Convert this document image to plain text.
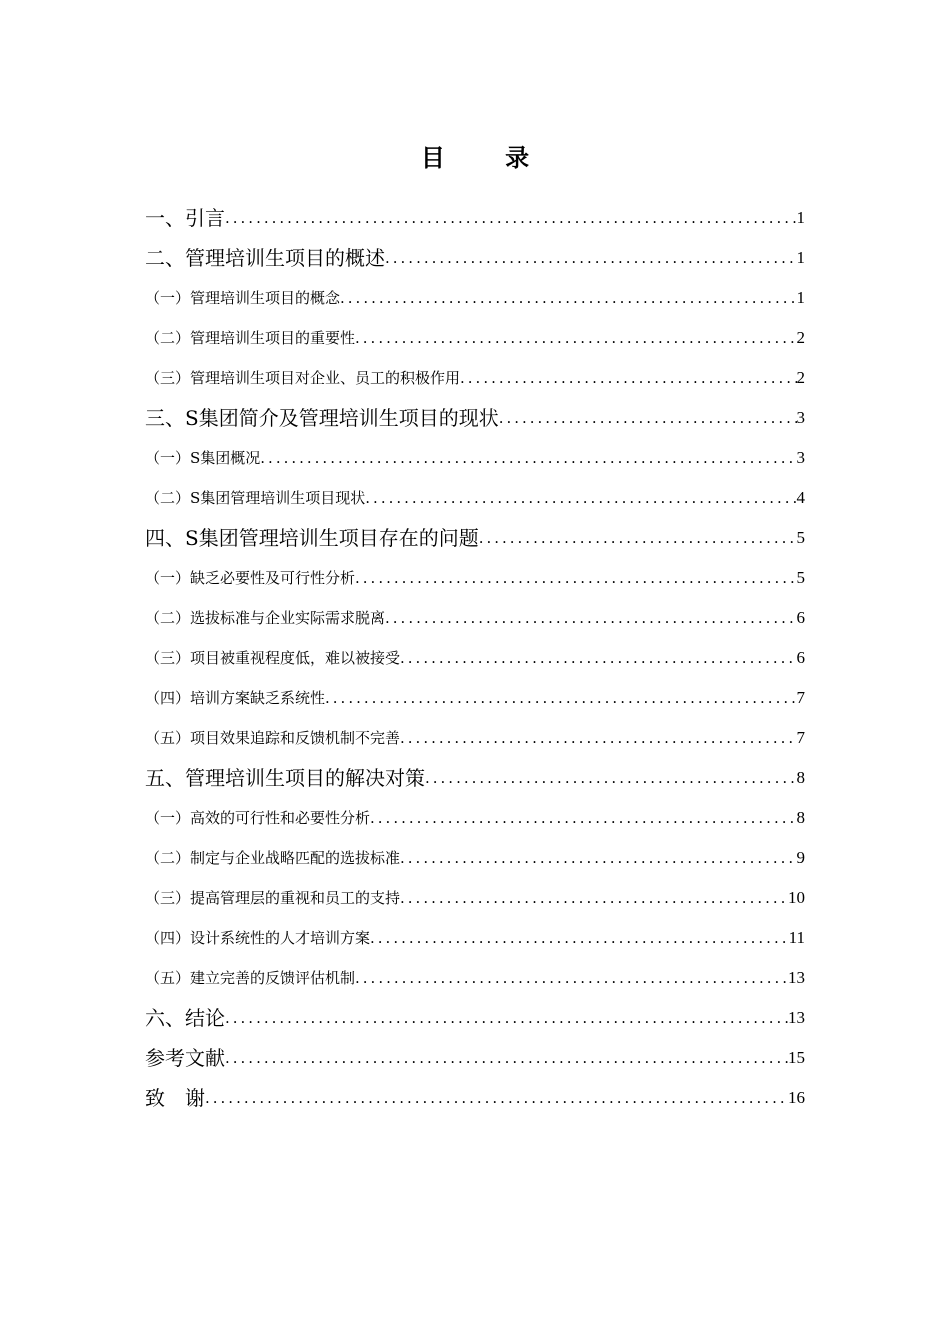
目 录
一、引言 .....	1
二、管理培训生项目的概述 .....	1
（一）管理培训生项目的概念 .....	1
（二）管理培训生项目的重要性 .....	2
（三）管理培训生项目对企业、员工的积极作用 .....	2
三、S集团简介及管理培训生项目的现状 .....	3
（一）S集团概况 .....	3
（二）S集团管理培训生项目现状 .....	4
四、S集团管理培训生项目存在的问题 .....	5
（一）缺乏必要性及可行性分析 .....	5
（二）选拔标准与企业实际需求脱离 .....	6
（三）项目被重视程度低，难以被接受 .....	6
（四）培训方案缺乏系统性 .....	7
（五）项目效果追踪和反馈机制不完善 .....	7
五、管理培训生项目的解决对策 .....	8
（一）高效的可行性和必要性分析 .....	8
（二）制定与企业战略匹配的选拔标准 .....	9
（三）提高管理层的重视和员工的支持 .....	10
（四）设计系统性的人才培训方案 .....	11
（五）建立完善的反馈评估机制 .....	13
六、结论 .....	13
参考文献 .....	15
致　谢 .....	16
